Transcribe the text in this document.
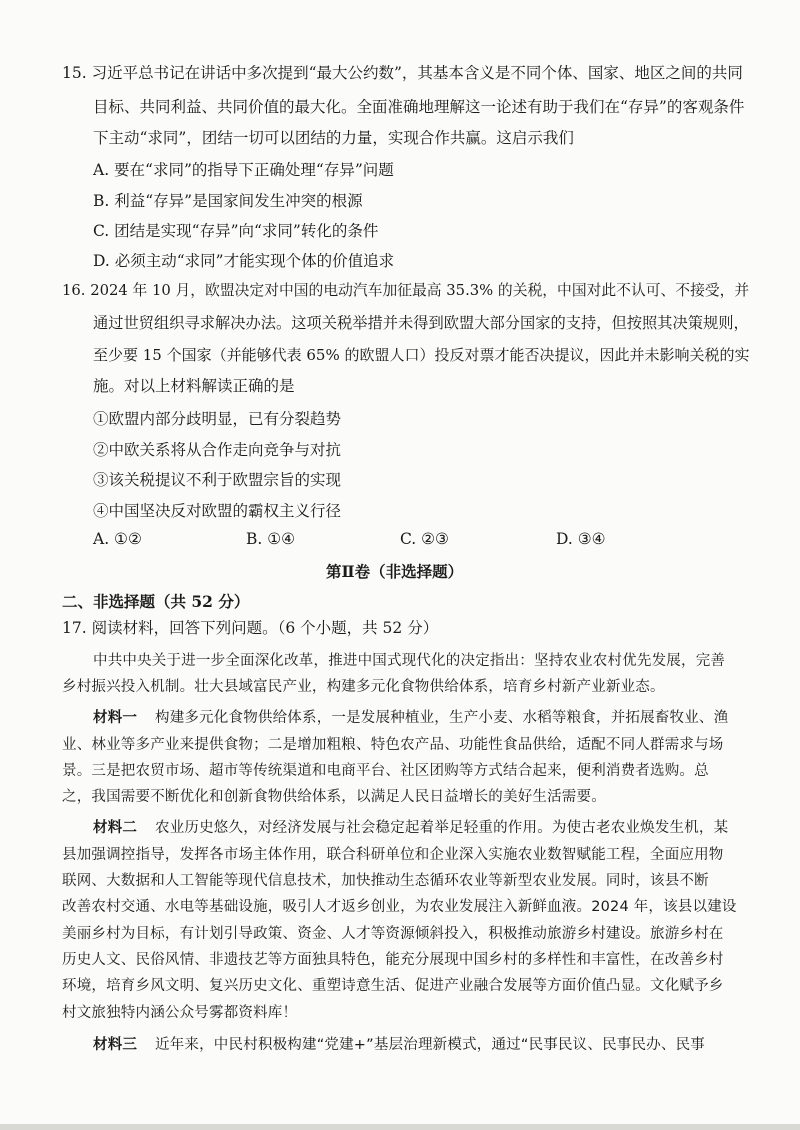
15. 习近平总书记在讲话中多次提到“最大公约数”，其基本含义是不同个体、国家、地区之间的共同
目标、共同利益、共同价值的最大化。全面准确地理解这一论述有助于我们在“存异”的客观条件
下主动“求同”，团结一切可以团结的力量，实现合作共赢。这启示我们
A. 要在“求同”的指导下正确处理“存异”问题
B. 利益“存异”是国家间发生冲突的根源
C. 团结是实现“存异”向“求同”转化的条件
D. 必须主动“求同”才能实现个体的价值追求
16. 2024 年 10 月，欧盟决定对中国的电动汽车加征最高 35.3% 的关税，中国对此不认可、不接受，并
通过世贸组织寻求解决办法。这项关税举措并未得到欧盟大部分国家的支持，但按照其决策规则，
至少要 15 个国家（并能够代表 65% 的欧盟人口）投反对票才能否决提议，因此并未影响关税的实
施。对以上材料解读正确的是
①欧盟内部分歧明显，已有分裂趋势
②中欧关系将从合作走向竞争与对抗
③该关税提议不利于欧盟宗旨的实现
④中国坚决反对欧盟的霸权主义行径
A. ①②	B. ①④	C. ②③	D. ③④
第Ⅱ卷（非选择题）
二、非选择题（共 52 分）
17. 阅读材料，回答下列问题。（6 个小题，共 52 分）
中共中央关于进一步全面深化改革，推进中国式现代化的决定指出：坚持农业农村优先发展，完善
乡村振兴投入机制。壮大县域富民产业，构建多元化食物供给体系，培育乡村新产业新业态。
材料一 构建多元化食物供给体系，一是发展种植业，生产小麦、水稻等粮食，并拓展畜牧业、渔
业、林业等多产业来提供食物；二是增加粗粮、特色农产品、功能性食品供给，适配不同人群需求与场
景。三是把农贸市场、超市等传统渠道和电商平台、社区团购等方式结合起来，便利消费者选购。总
之，我国需要不断优化和创新食物供给体系，以满足人民日益增长的美好生活需要。
材料二 农业历史悠久，对经济发展与社会稳定起着举足轻重的作用。为使古老农业焕发生机，某
县加强调控指导，发挥各市场主体作用，联合科研单位和企业深入实施农业数智赋能工程，全面应用物
联网、大数据和人工智能等现代信息技术，加快推动生态循环农业等新型农业发展。同时，该县不断
改善农村交通、水电等基础设施，吸引人才返乡创业，为农业发展注入新鲜血液。2024 年，该县以建设
美丽乡村为目标，有计划引导政策、资金、人才等资源倾斜投入，积极推动旅游乡村建设。旅游乡村在
历史人文、民俗风情、非遗技艺等方面独具特色，能充分展现中国乡村的多样性和丰富性，在改善乡村
环境，培育乡风文明、复兴历史文化、重塑诗意生活、促进产业融合发展等方面价值凸显。文化赋予乡
村文旅独特内涵公众号雾都资料库！
材料三 近年来，中民村积极构建“党建+”基层治理新模式，通过“民事民议、民事民办、民事
